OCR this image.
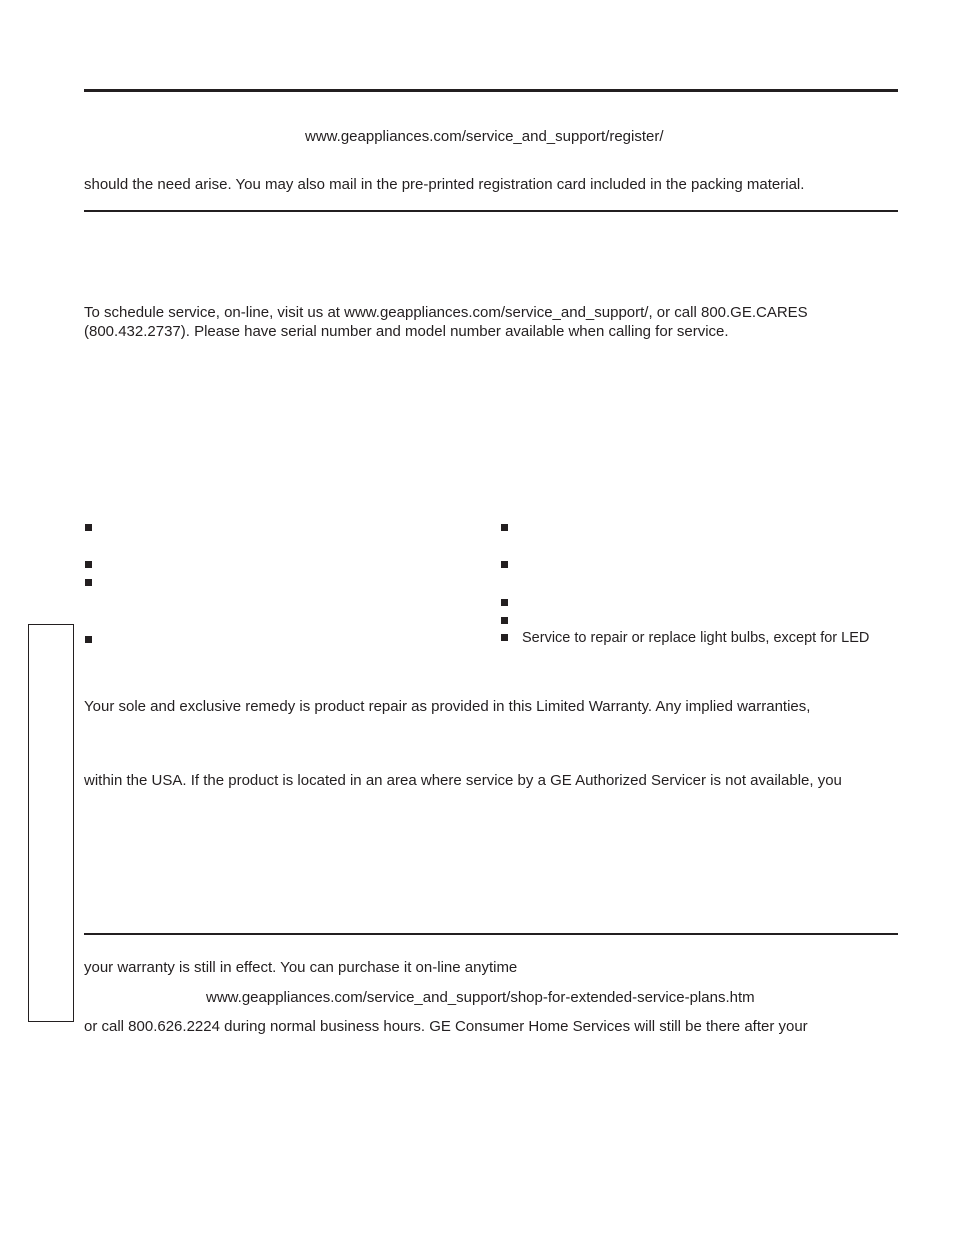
www.geappliances.com/service_and_support/register/
should the need arise. You may also mail in the pre-printed registration card included in the packing material.
To schedule service, on-line, visit us at www.geappliances.com/service_and_support/, or call 800.GE.CARES
(800.432.2737). Please have serial number and model number available when calling for service.
Service to repair or replace light bulbs, except for LED
Your sole and exclusive remedy is product repair as provided in this Limited Warranty. Any implied warranties,
within the USA. If the product is located in an area where service by a GE Authorized Servicer is not available, you
your warranty is still in effect. You can purchase it on-line anytime
www.geappliances.com/service_and_support/shop-for-extended-service-plans.htm
or call 800.626.2224 during normal business hours. GE Consumer Home Services will still be there after your
